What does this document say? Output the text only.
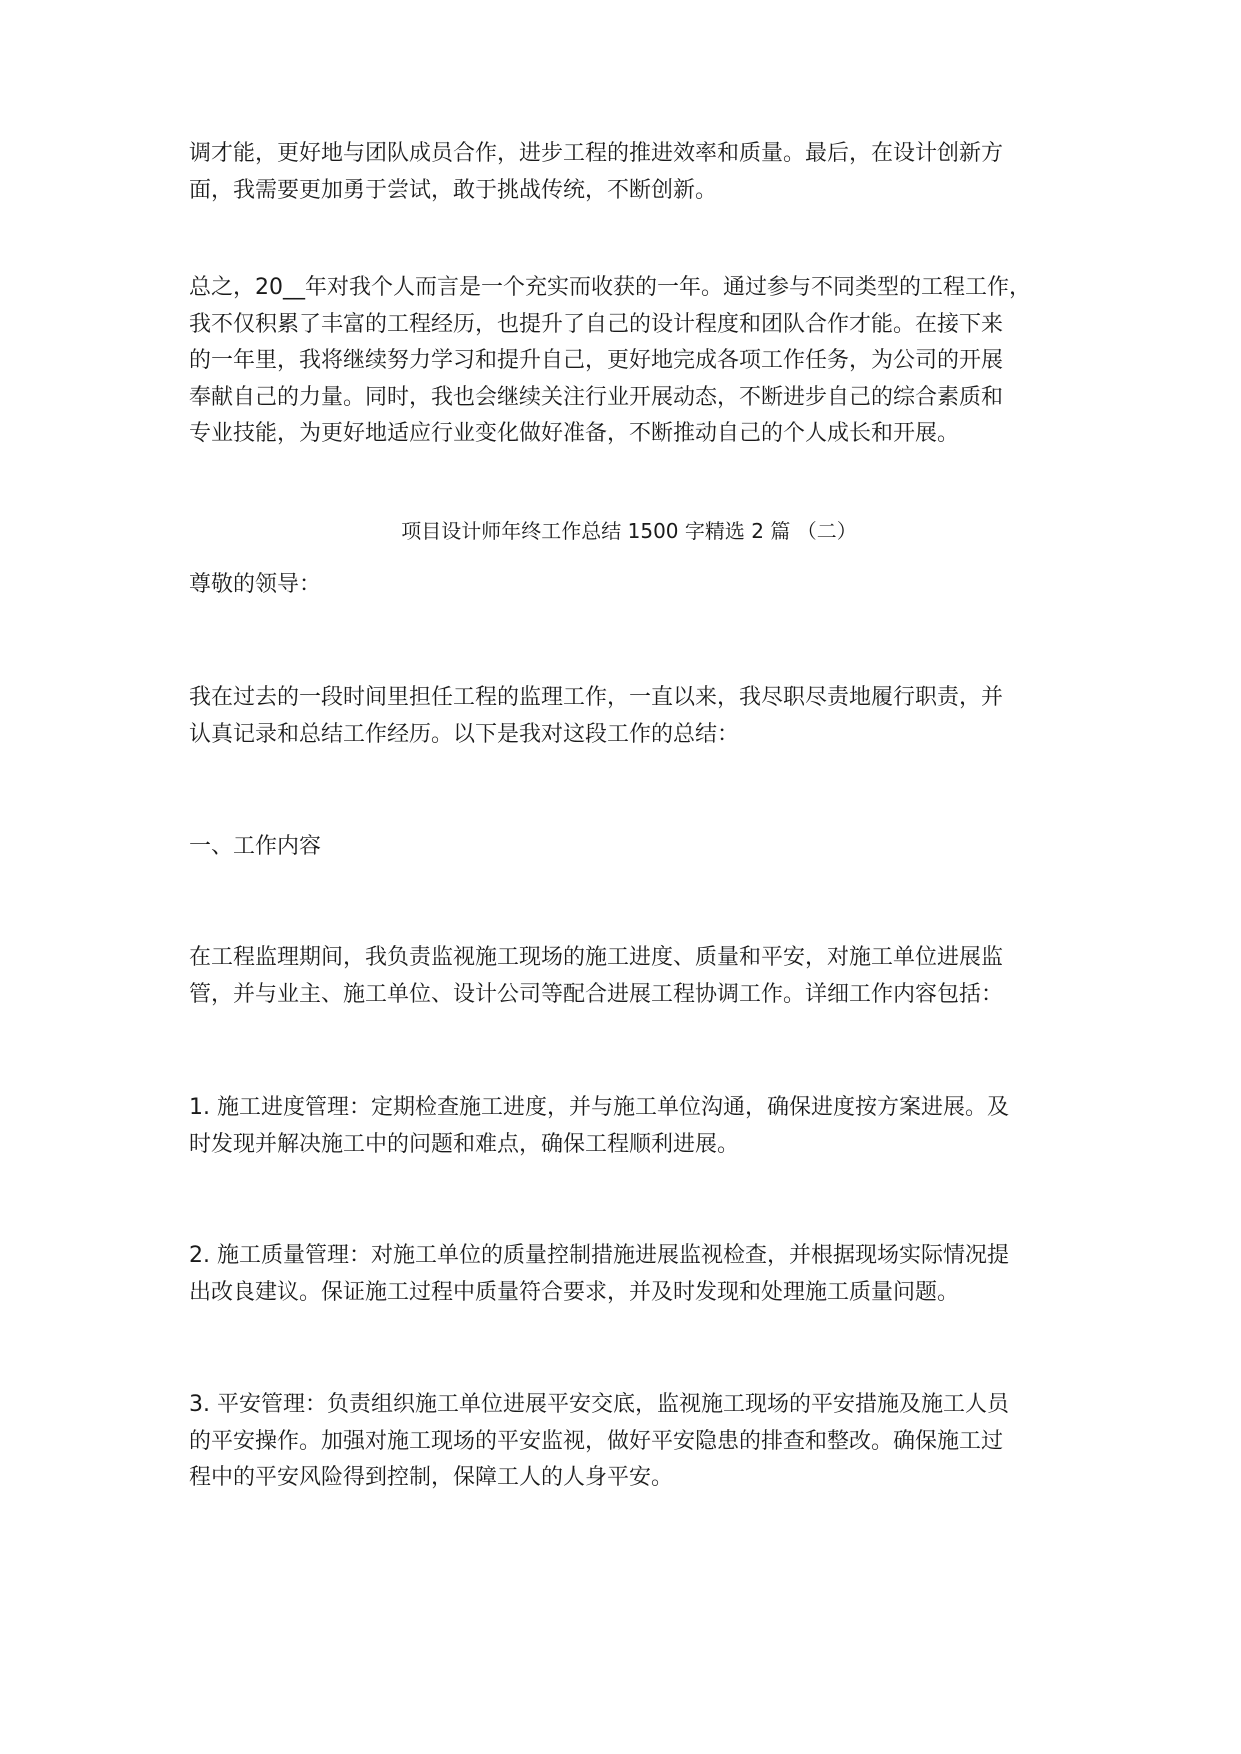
调才能，更好地与团队成员合作，进步工程的推进效率和质量。最后，在设计创新方
面，我需要更加勇于尝试，敢于挑战传统，不断创新。

总之，20__年对我个人而言是一个充实而收获的一年。通过参与不同类型的工程工作，
我不仅积累了丰富的工程经历，也提升了自己的设计程度和团队合作才能。在接下来
的一年里，我将继续努力学习和提升自己，更好地完成各项工作任务，为公司的开展
奉献自己的力量。同时，我也会继续关注行业开展动态，不断进步自己的综合素质和
专业技能，为更好地适应行业变化做好准备，不断推动自己的个人成长和开展。

项目设计师年终工作总结 1500 字精选 2 篇 （二）

尊敬的领导：

我在过去的一段时间里担任工程的监理工作，一直以来，我尽职尽责地履行职责，并
认真记录和总结工作经历。以下是我对这段工作的总结：

一、工作内容

在工程监理期间，我负责监视施工现场的施工进度、质量和平安，对施工单位进展监
管，并与业主、施工单位、设计公司等配合进展工程协调工作。详细工作内容包括：

1. 施工进度管理：定期检查施工进度，并与施工单位沟通，确保进度按方案进展。及
时发现并解决施工中的问题和难点，确保工程顺利进展。

2. 施工质量管理：对施工单位的质量控制措施进展监视检查，并根据现场实际情况提
出改良建议。保证施工过程中质量符合要求，并及时发现和处理施工质量问题。

3. 平安管理：负责组织施工单位进展平安交底，监视施工现场的平安措施及施工人员
的平安操作。加强对施工现场的平安监视，做好平安隐患的排查和整改。确保施工过
程中的平安风险得到控制，保障工人的人身平安。
